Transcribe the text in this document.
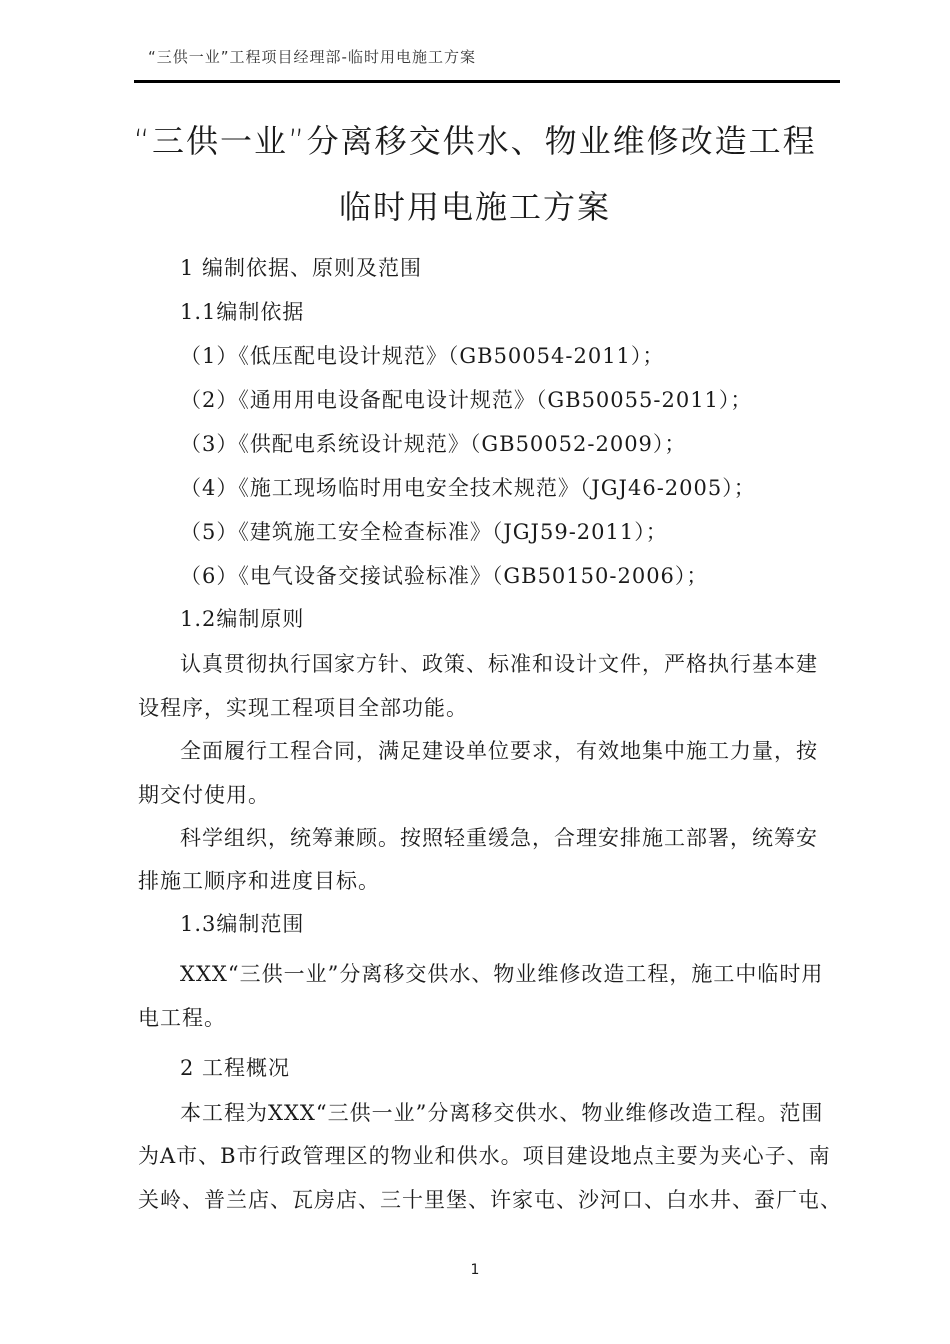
“三供一业”工程项目经理部-临时用电施工方案
“三供一业”分离移交供水、物业维修改造工程
临时用电施工方案
1 编制依据、原则及范围
1.1编制依据
（1）《低压配电设计规范》（GB50054-2011）；
（2）《通用用电设备配电设计规范》（GB50055-2011）；
（3）《供配电系统设计规范》（GB50052-2009）；
（4）《施工现场临时用电安全技术规范》（JGJ46-2005）；
（5）《建筑施工安全检查标准》（JGJ59-2011）；
（6）《电气设备交接试验标准》（GB50150-2006）；
1.2编制原则
认真贯彻执行国家方针、政策、标准和设计文件，严格执行基本建
设程序，实现工程项目全部功能。
全面履行工程合同，满足建设单位要求，有效地集中施工力量，按
期交付使用。
科学组织，统筹兼顾。按照轻重缓急，合理安排施工部署，统筹安
排施工顺序和进度目标。
1.3编制范围
XXX“三供一业”分离移交供水、物业维修改造工程，施工中临时用
电工程。
2 工程概况
本工程为XXX“三供一业”分离移交供水、物业维修改造工程。范围
为A市、B市行政管理区的物业和供水。项目建设地点主要为夹心子、南
关岭、普兰店、瓦房店、三十里堡、许家屯、沙河口、白水井、蚕厂屯、
1
